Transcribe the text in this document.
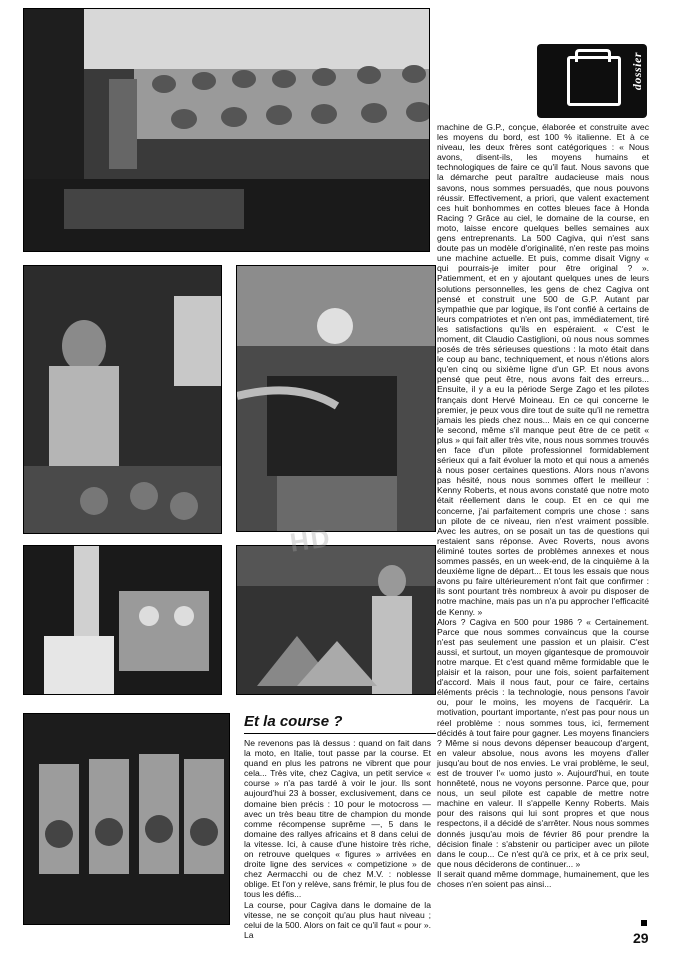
dossier
Et la course ?

Ne revenons pas là dessus : quand on fait dans la moto, en Italie, tout passe par la course. Et quand en plus les patrons ne vibrent que pour cela... Très vite, chez Cagiva, un petit service « course » n'a pas tardé à voir le jour. Ils sont aujourd'hui 23 à bosser, exclusivement, dans ce domaine bien précis : 10 pour le motocross — avec un très beau titre de champion du monde comme récompense suprême —, 5 dans le domaine des rallyes africains et 8 dans celui de la vitesse. Ici, à cause d'une histoire très riche, on retrouve quelques « figures » arrivées en droite ligne des services « competizione » de chez Aermacchi ou de chez M.V. : noblesse oblige. Et l'on y relève, sans frémir, le plus fou de tous les défis...

La course, pour Cagiva dans le domaine de la vitesse, ne se conçoit qu'au plus haut niveau ; celui de la 500. Alors on fait ce qu'il faut « pour ». La

machine de G.P., conçue, élaborée et construite avec les moyens du bord, est 100 % italienne. Et à ce niveau, les deux frères sont catégoriques : « Nous avons, disent-ils, les moyens humains et technologiques de faire ce qu'il faut. Nous savons que la démarche peut paraître audacieuse mais nous savons, nous sommes persuadés, que nous pouvons réussir. Effectivement, a priori, que valent exactement ces huit bonhommes en cottes bleues face à Honda Racing ? Grâce au ciel, le domaine de la course, en moto, laisse encore quelques belles semaines aux gens entreprenants. La 500 Cagiva, qui n'est sans doute pas un modèle d'originalité, n'en reste pas moins une machine actuelle. Et puis, comme disait Vigny « qui pourrais-je imiter pour être original ? ». Patiemment, et en y ajoutant quelques unes de leurs solutions personnelles, les gens de chez Cagiva ont pensé et construit une 500 de G.P. Autant par sympathie que par logique, ils l'ont confié à certains de leurs compatriotes et n'en ont pas, immédiatement, tiré les satisfactions qu'ils en espéraient. « C'est le moment, dit Claudio Castiglioni, où nous nous sommes posés de très sérieuses questions : la moto était dans le coup au banc, techniquement, et nous n'étions alors qu'en cinq ou sixième ligne d'un GP. Et nous avons pensé que peut être, nous avons fait des erreurs... Ensuite, il y a eu la période Serge Zago et les pilotes français dont Hervé Moineau. En ce qui concerne le premier, je peux vous dire tout de suite qu'il ne remettra jamais les pieds chez nous... Mais en ce qui concerne le second, même s'il manque peut être de ce petit « plus » qui fait aller très vite, nous nous sommes trouvés en face d'un pilote professionnel formidablement sérieux qui a fait évoluer la moto et qui nous a amenés à nous poser certaines questions. Alors nous n'avons pas hésité, nous nous sommes offert le meilleur : Kenny Roberts, et nous avons constaté que notre moto était réellement dans le coup. Et en ce qui me concerne, j'ai parfaitement compris une chose : sans un pilote de ce niveau, rien n'est vraiment possible. Avec les autres, on se posait un tas de questions qui restaient sans réponse. Avec Roverts, nous avons éliminé toutes sortes de problèmes annexes et nous sommes passés, en un week-end, de la cinquième à la deuxième ligne de départ... Et tous les essais que nous avons pu faire ultérieurement n'ont fait que confirmer : ils sont pourtant très nombreux à avoir pu disposer de notre machine, mais pas un n'a pu approcher l'efficacité de Kenny. »

Alors ? Cagiva en 500 pour 1986 ? « Certainement. Parce que nous sommes convaincus que la course n'est pas seulement une passion et un plaisir. C'est aussi, et surtout, un moyen gigantesque de promouvoir notre marque. Et c'est quand même formidable que le plaisir et la raison, pour une fois, soient parfaitement d'accord. Mais il nous faut, pour ce faire, certains éléments précis : la technologie, nous pensons l'avoir ou, pour le moins, les moyens de l'acquérir. La motivation, pourtant importante, n'est pas pour nous un réel problème : nous sommes tous, ici, fermement décidés à tout faire pour gagner. Les moyens financiers ? Même si nous devons dépenser beaucoup d'argent, en valeur absolue, nous avons les moyens d'aller jusqu'au bout de nos envies. Le vrai problème, le seul, est de trouver l'« uomo justo ». Aujourd'hui, en toute honnêteté, nous ne voyons personne. Parce que, pour nous, un seul pilote est capable de mettre notre machine en valeur. Il s'appelle Kenny Roberts. Mais pour des raisons qui lui sont propres et que nous respectons, il a décidé de s'arrêter. Nous nous sommes donnés jusqu'au mois de février 86 pour prendre la décision finale : s'abstenir ou participer avec un pilote dans le coup... Ce n'est qu'à ce prix, et à ce prix seul, que nous déciderons de continuer... »

Il serait quand même dommage, humainement, que les choses n'en soient pas ainsi...

HD
29
